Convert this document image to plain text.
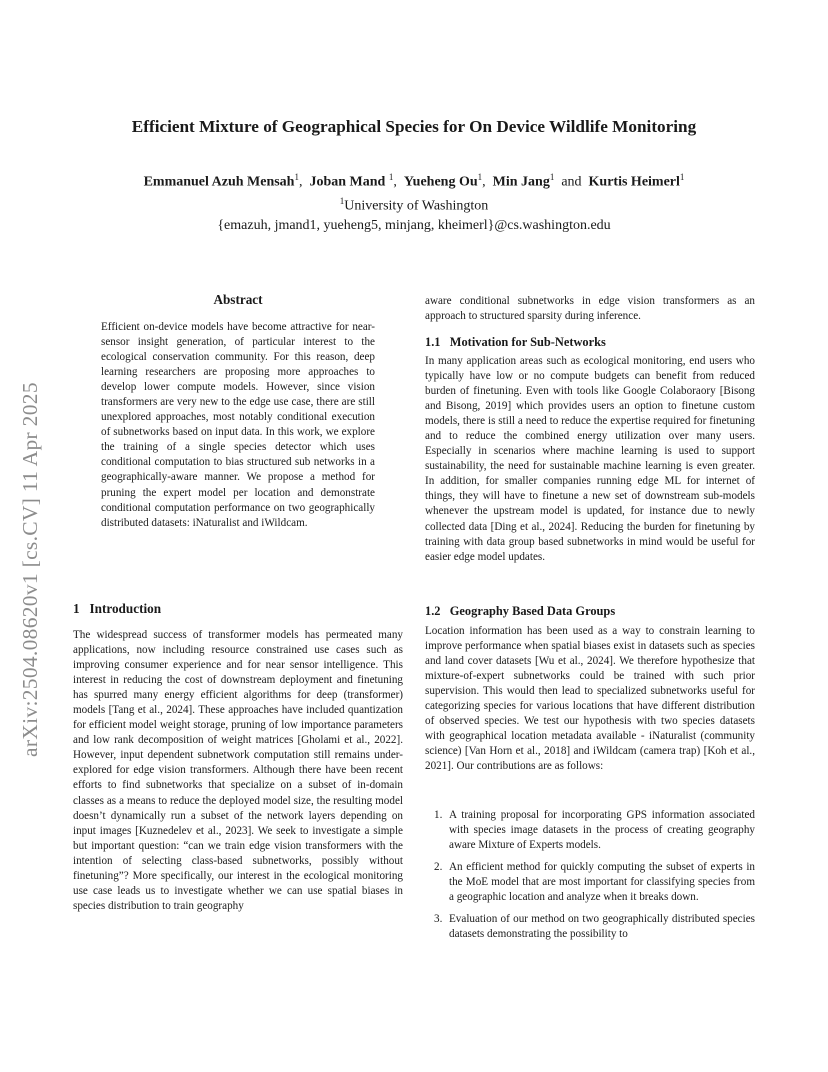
arXiv:2504.08620v1 [cs.CV] 11 Apr 2025
Efficient Mixture of Geographical Species for On Device Wildlife Monitoring
Emmanuel Azuh Mensah$^1$, Joban Mand $^1$, Yueheng Ou$^1$, Min Jang$^1$ and Kurtis Heimerl$^1$
$^1$University of Washington
{emazuh, jmand1, yueheng5, minjang, kheimerl}@cs.washington.edu
Abstract

Efficient on-device models have become attractive for near-sensor insight generation, of particular interest to the ecological conservation community. For this reason, deep learning researchers are proposing more approaches to develop lower compute models. However, since vision transformers are very new to the edge use case, there are still unexplored approaches, most notably conditional execution of subnetworks based on input data. In this work, we explore the training of a single species detector which uses conditional computation to bias structured sub networks in a geographically-aware manner. We propose a method for pruning the expert model per location and demonstrate conditional computation performance on two geographically distributed datasets: iNaturalist and iWildcam.

1 Introduction

The widespread success of transformer models has permeated many applications, now including resource constrained use cases such as improving consumer experience and for near sensor intelligence. This interest in reducing the cost of downstream deployment and finetuning has spurred many energy efficient algorithms for deep (transformer) models [Tang et al., 2024]. These approaches have included quantization for efficient model weight storage, pruning of low importance parameters and low rank decomposition of weight matrices [Gholami et al., 2022]. However, input dependent subnetwork computation still remains under-explored for edge vision transformers. Although there have been recent efforts to find subnetworks that specialize on a subset of in-domain classes as a means to reduce the deployed model size, the resulting model doesn’t dynamically run a subset of the network layers depending on input images [Kuznedelev et al., 2023]. We seek to investigate a simple but important question: “can we train edge vision transformers with the intention of selecting class-based subnetworks, possibly without finetuning”? More specifically, our interest in the ecological monitoring use case leads us to investigate whether we can use spatial biases in species distribution to train geography

aware conditional subnetworks in edge vision transformers as an approach to structured sparsity during inference.

1.1 Motivation for Sub-Networks

In many application areas such as ecological monitoring, end users who typically have low or no compute budgets can benefit from reduced burden of finetuning. Even with tools like Google Colaboraory [Bisong and Bisong, 2019] which provides users an option to finetune custom models, there is still a need to reduce the expertise required for finetuning and to reduce the combined energy utilization over many users. Especially in scenarios where machine learning is used to support sustainability, the need for sustainable machine learning is even greater. In addition, for smaller companies running edge ML for internet of things, they will have to finetune a new set of downstream sub-models whenever the upstream model is updated, for instance due to newly collected data [Ding et al., 2024]. Reducing the burden for finetuning by training with data group based subnetworks in mind would be useful for easier edge model updates.

1.2 Geography Based Data Groups

Location information has been used as a way to constrain learning to improve performance when spatial biases exist in datasets such as species and land cover datasets [Wu et al., 2024]. We therefore hypothesize that mixture-of-expert subnetworks could be trained with such prior supervision. This would then lead to specialized subnetworks useful for categorizing species for various locations that have different distribution of observed species. We test our hypothesis with two species datasets with geographical location metadata available - iNaturalist (community science) [Van Horn et al., 2018] and iWildcam (camera trap) [Koh et al., 2021]. Our contributions are as follows:

1. A training proposal for incorporating GPS information associated with species image datasets in the process of creating geography aware Mixture of Experts models.
2. An efficient method for quickly computing the subset of experts in the MoE model that are most important for classifying species from a geographic location and analyze when it breaks down.
3. Evaluation of our method on two geographically distributed species datasets demonstrating the possibility to
